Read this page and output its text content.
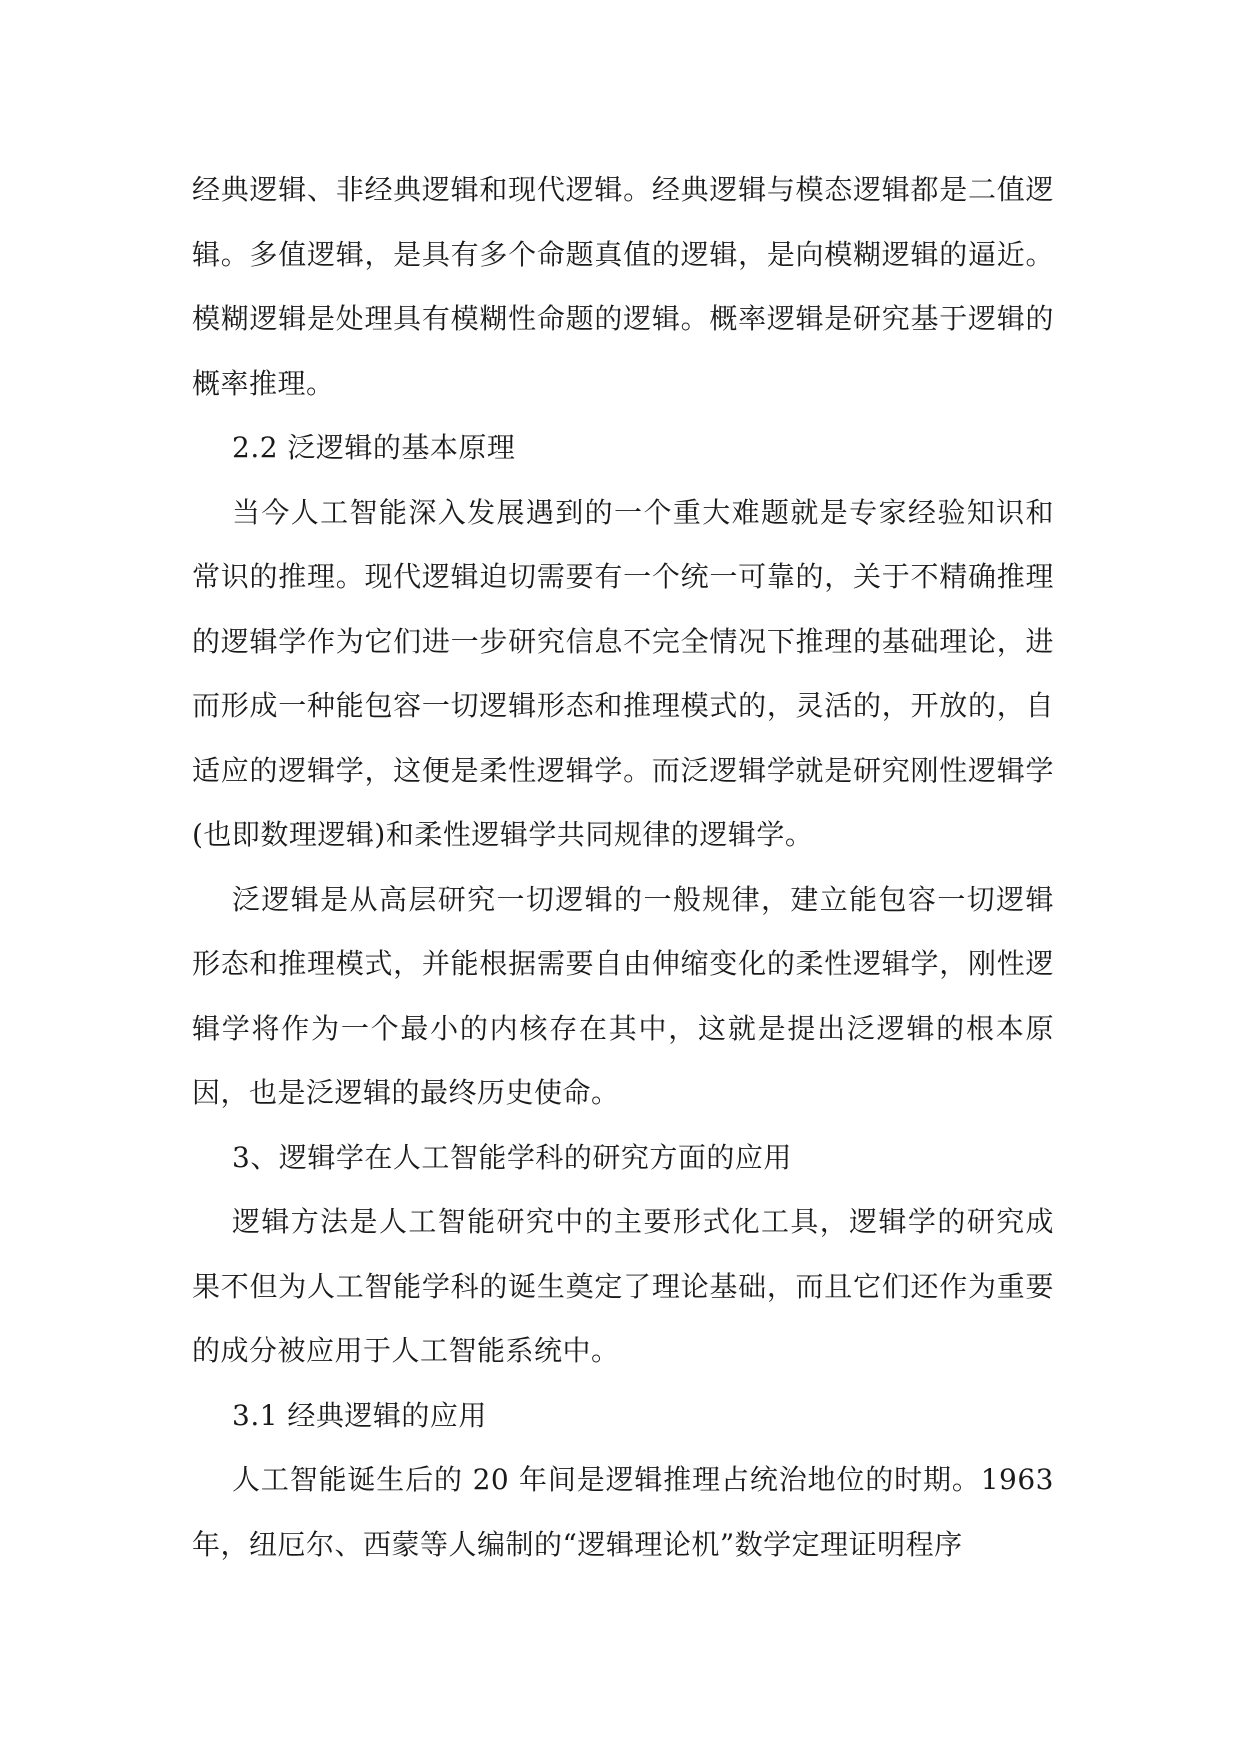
经典逻辑、非经典逻辑和现代逻辑。经典逻辑与模态逻辑都是二值逻辑。多值逻辑，是具有多个命题真值的逻辑，是向模糊逻辑的逼近。模糊逻辑是处理具有模糊性命题的逻辑。概率逻辑是研究基于逻辑的概率推理。

2.2 泛逻辑的基本原理

当今人工智能深入发展遇到的一个重大难题就是专家经验知识和常识的推理。现代逻辑迫切需要有一个统一可靠的，关于不精确推理的逻辑学作为它们进一步研究信息不完全情况下推理的基础理论，进而形成一种能包容一切逻辑形态和推理模式的，灵活的，开放的，自适应的逻辑学，这便是柔性逻辑学。而泛逻辑学就是研究刚性逻辑学(也即数理逻辑)和柔性逻辑学共同规律的逻辑学。

泛逻辑是从高层研究一切逻辑的一般规律，建立能包容一切逻辑形态和推理模式，并能根据需要自由伸缩变化的柔性逻辑学，刚性逻辑学将作为一个最小的内核存在其中，这就是提出泛逻辑的根本原因，也是泛逻辑的最终历史使命。

3、逻辑学在人工智能学科的研究方面的应用

逻辑方法是人工智能研究中的主要形式化工具，逻辑学的研究成果不但为人工智能学科的诞生奠定了理论基础，而且它们还作为重要的成分被应用于人工智能系统中。

3.1 经典逻辑的应用

人工智能诞生后的 20 年间是逻辑推理占统治地位的时期。1963 年，纽厄尔、西蒙等人编制的“逻辑理论机”数学定理证明程序
